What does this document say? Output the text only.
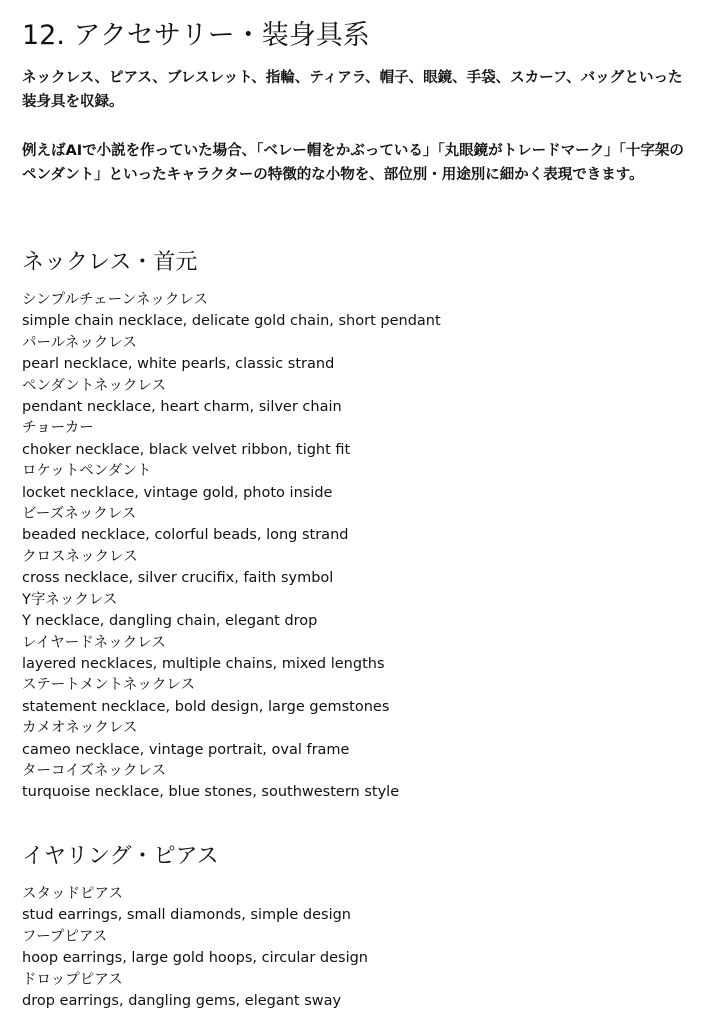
12. アクセサリー・装身具系

ネックレス、ピアス、ブレスレット、指輪、ティアラ、帽子、眼鏡、手袋、スカーフ、バッグといった装身具を収録。

例えばAIで小説を作っていた場合、「ベレー帽をかぶっている」「丸眼鏡がトレードマーク」「十字架のペンダント」といったキャラクターの特徴的な小物を、部位別・用途別に細かく表現できます。

ネックレス・首元
シンプルチェーンネックレス
simple chain necklace, delicate gold chain, short pendant
パールネックレス
pearl necklace, white pearls, classic strand
ペンダントネックレス
pendant necklace, heart charm, silver chain
チョーカー
choker necklace, black velvet ribbon, tight fit
ロケットペンダント
locket necklace, vintage gold, photo inside
ビーズネックレス
beaded necklace, colorful beads, long strand
クロスネックレス
cross necklace, silver crucifix, faith symbol
Y字ネックレス
Y necklace, dangling chain, elegant drop
レイヤードネックレス
layered necklaces, multiple chains, mixed lengths
ステートメントネックレス
statement necklace, bold design, large gemstones
カメオネックレス
cameo necklace, vintage portrait, oval frame
ターコイズネックレス
turquoise necklace, blue stones, southwestern style
イヤリング・ピアス
スタッドピアス
stud earrings, small diamonds, simple design
フープピアス
hoop earrings, large gold hoops, circular design
ドロップピアス
drop earrings, dangling gems, elegant sway
